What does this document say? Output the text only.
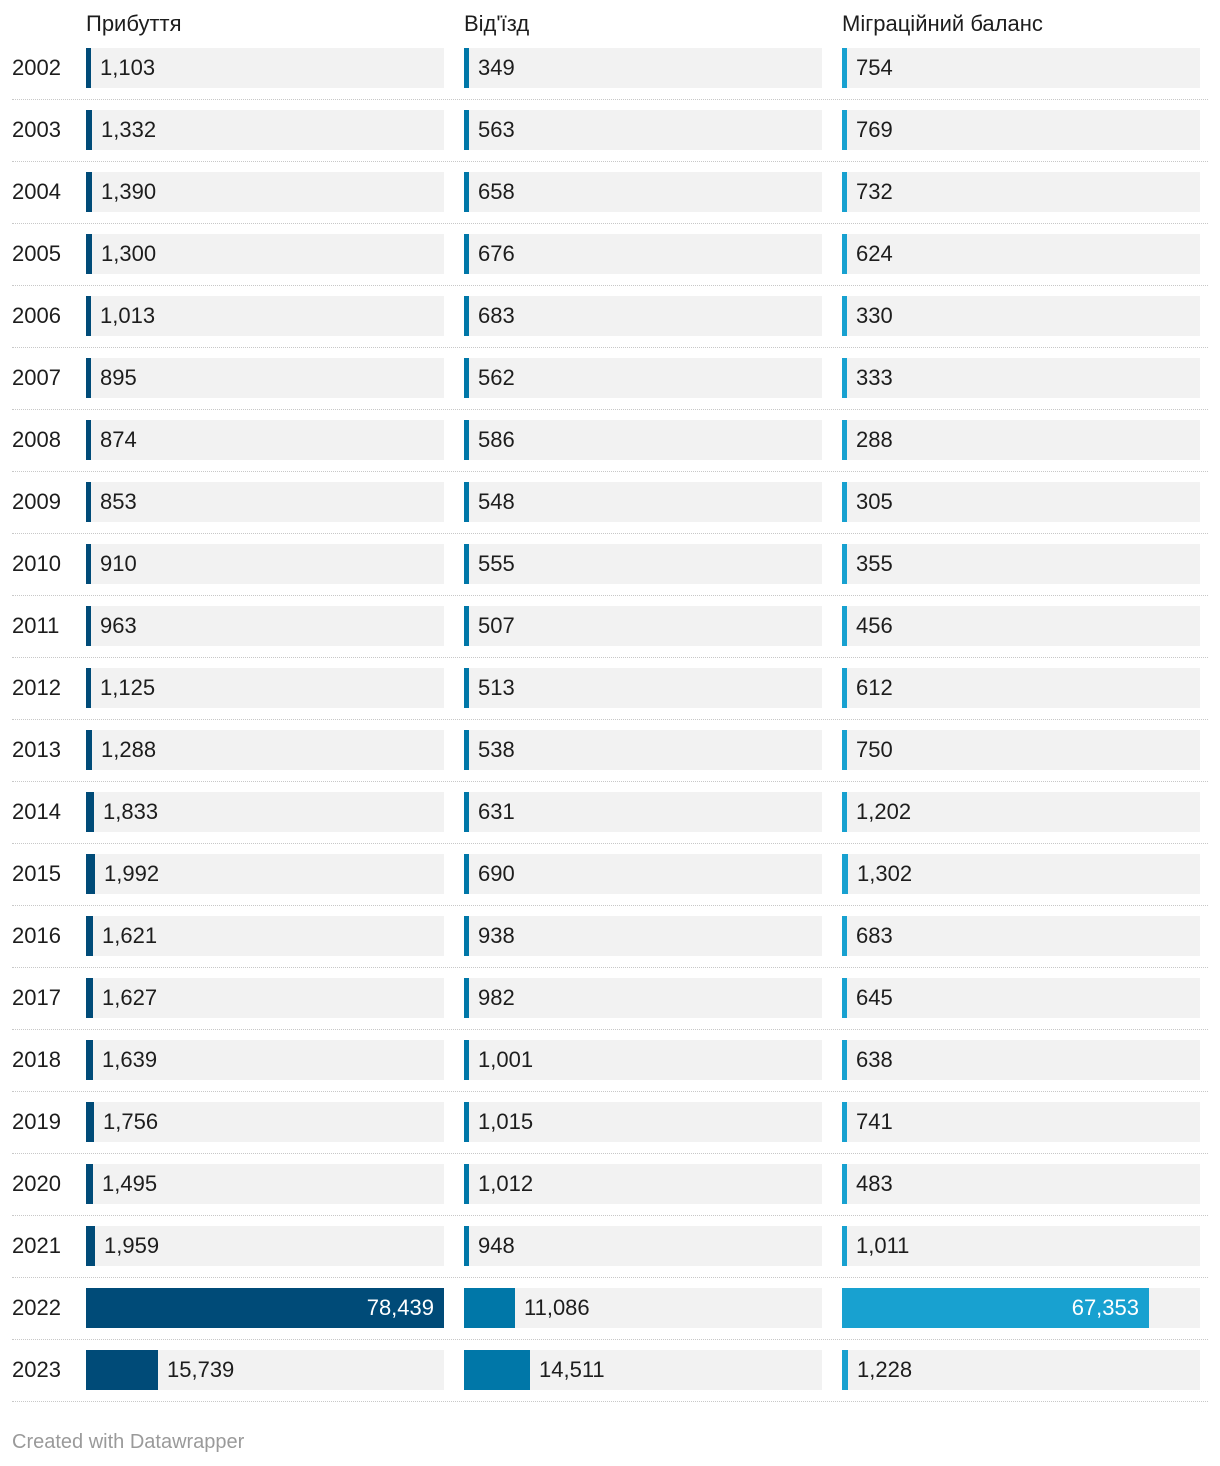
Прибуття	Від'їзд	Міграційний баланс
2002 1,103	349	754
2003 1,332	563	769
2004 1,390	658	732
2005 1,300	676	624
2006 1,013	683	330
2007 895	562	333
2008 874	586	288
2009 853	548	305
2010 910	555	355
2011 963	507	456
2012 1,125	513	612
2013 1,288	538	750
2014 1,833	631	1,202
2015 1,992	690	1,302
2016 1,621	938	683
2017 1,627	982	645
2018 1,639	1,001	638
2019 1,756	1,015	741
2020 1,495	1,012	483
2021 1,959	948	1,011
2022	78,439	11,086	67,353
2023	15,739	14,511	1,228
Created with Datawrapper
